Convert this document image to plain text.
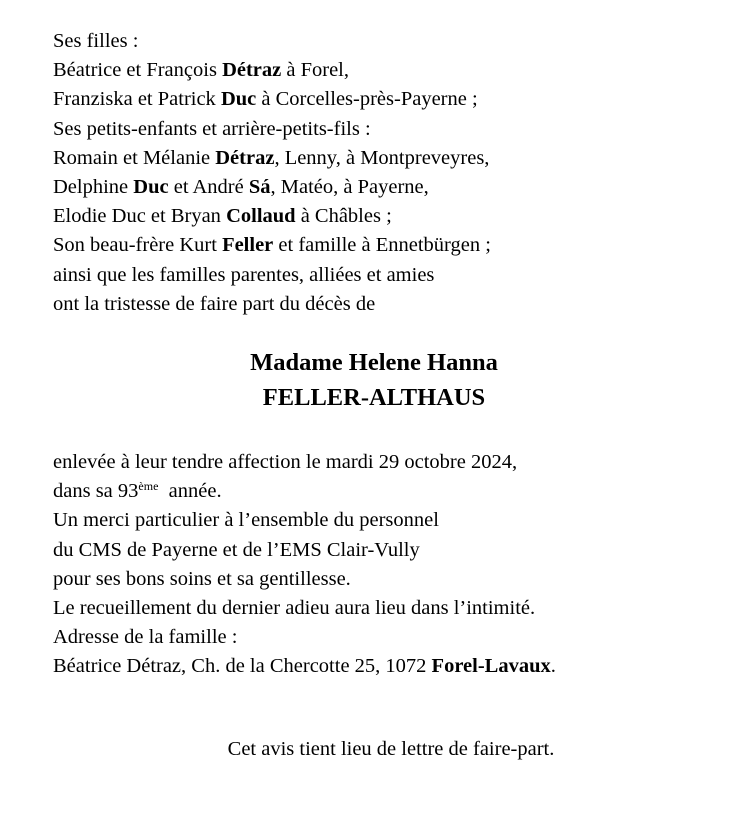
Ses filles :
Béatrice et François Détraz à Forel,
Franziska et Patrick Duc à Corcelles-près-Payerne ;
Ses petits-enfants et arrière-petits-fils :
Romain et Mélanie Détraz, Lenny, à Montpreveyres,
Delphine Duc et André Sá, Matéo, à Payerne,
Elodie Duc et Bryan Collaud à Châbles ;
Son beau-frère Kurt Feller et famille à Ennetbürgen ;
ainsi que les familles parentes, alliées et amies
ont la tristesse de faire part du décès de
Madame Helene Hanna
FELLER-ALTHAUS
enlevée à leur tendre affection le mardi 29 octobre 2024,
dans sa 93ème  année.
Un merci particulier à l’ensemble du personnel
du CMS de Payerne et de l’EMS Clair-Vully
pour ses bons soins et sa gentillesse.
Le recueillement du dernier adieu aura lieu dans l’intimité.
Adresse de la famille :
Béatrice Détraz, Ch. de la Chercotte 25, 1072 Forel-Lavaux.
Cet avis tient lieu de lettre de faire-part.
